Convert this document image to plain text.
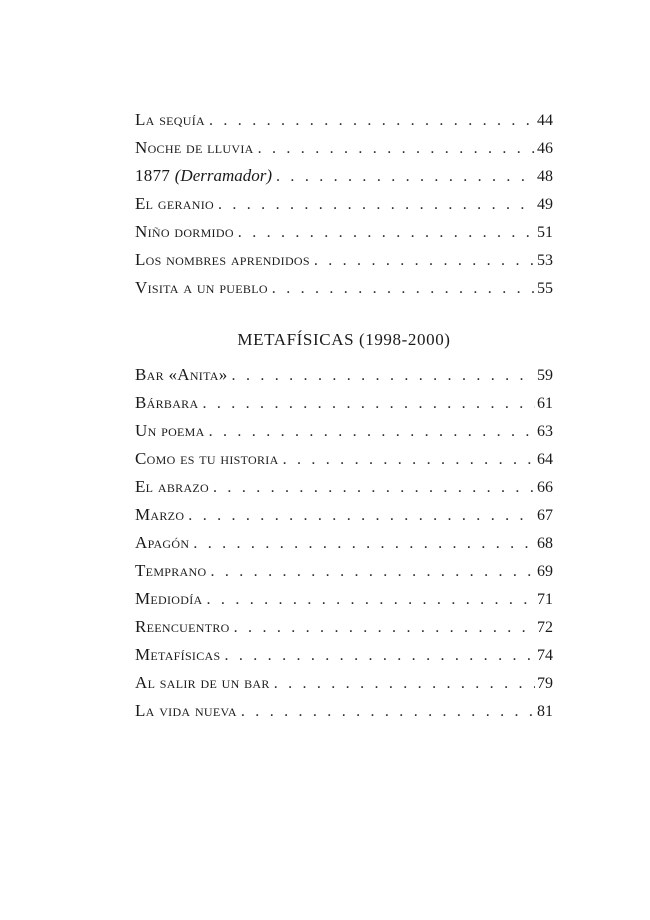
La sequía . . .	44
Noche de lluvia . . .	46
1877 (Derramador) . . .	48
El geranio . . .	49
Niño dormido . . .	51
Los nombres aprendidos . . .	53
Visita a un pueblo . . .	55
METAFÍSICAS (1998-2000)
Bar «Anita» . . .	59
Bárbara . . .	61
Un poema . . .	63
Como es tu historia . . .	64
El abrazo . . .	66
Marzo . . .	67
Apagón . . .	68
Temprano . . .	69
Mediodía . . .	71
Reencuentro . . .	72
Metafísicas . . .	74
Al salir de un bar . . .	79
La vida nueva . . .	81
